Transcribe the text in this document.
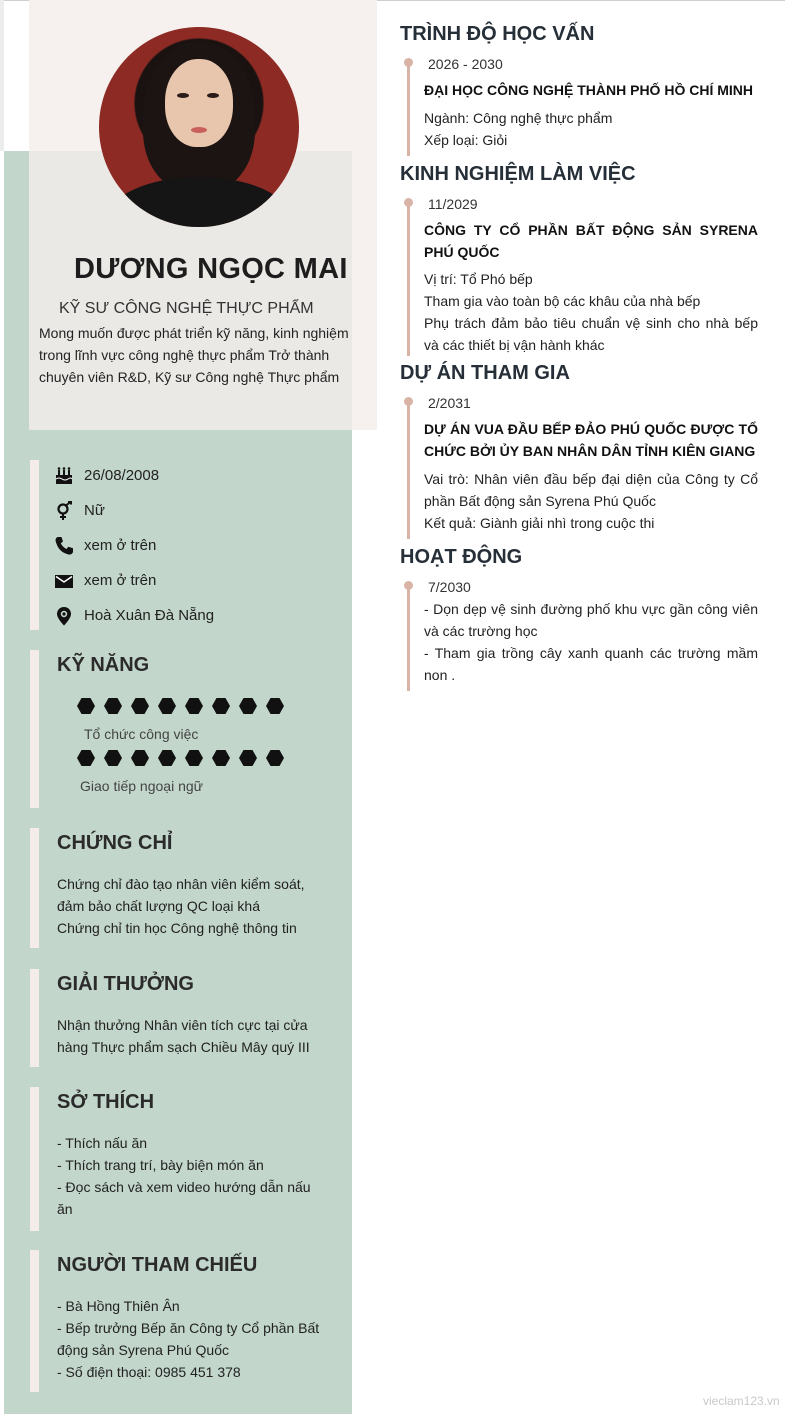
DƯƠNG NGỌC MAI
KỸ SƯ CÔNG NGHỆ THỰC PHẨM
Mong muốn được phát triển kỹ năng, kinh nghiệm trong lĩnh vực công nghệ thực phẩm Trở thành chuyên viên R&D, Kỹ sư Công nghệ Thực phẩm
26/08/2008
Nữ
xem ở trên
xem ở trên
Hoà Xuân Đà Nẵng
KỸ NĂNG
Tổ chức công việc
Giao tiếp ngoại ngữ
CHỨNG CHỈ
Chứng chỉ đào tạo nhân viên kiểm soát, đảm bảo chất lượng QC loại khá
Chứng chỉ tin học Công nghệ thông tin
GIẢI THƯỞNG
Nhận thưởng Nhân viên tích cực tại cửa hàng Thực phẩm sạch Chiều Mây quý III
SỞ THÍCH
- Thích nấu ăn
- Thích trang trí, bày biện món ăn
- Đọc sách và xem video hướng dẫn nấu ăn
NGƯỜI THAM CHIẾU
- Bà Hồng Thiên Ân
- Bếp trưởng Bếp ăn Công ty Cổ phần Bất động sản Syrena Phú Quốc
- Số điện thoại: 0985 451 378
TRÌNH ĐỘ HỌC VẤN
2026 - 2030
ĐẠI HỌC CÔNG NGHỆ THÀNH PHỐ HỒ CHÍ MINH
Ngành: Công nghệ thực phẩm
Xếp loại: Giỏi
KINH NGHIỆM LÀM VIỆC
11/2029
CÔNG TY CỔ PHẦN BẤT ĐỘNG SẢN SYRENA PHÚ QUỐC
Vị trí: Tổ Phó bếp
Tham gia vào toàn bộ các khâu của nhà bếp
Phụ trách đảm bảo tiêu chuẩn vệ sinh cho nhà bếp và các thiết bị vận hành khác
DỰ ÁN THAM GIA
2/2031
DỰ ÁN VUA ĐẦU BẾP ĐẢO PHÚ QUỐC ĐƯỢC TỔ CHỨC BỞI ỦY BAN NHÂN DÂN TỈNH KIÊN GIANG
Vai trò: Nhân viên đầu bếp đại diện của Công ty Cổ phần Bất động sản Syrena Phú Quốc
Kết quả: Giành giải nhì trong cuộc thi
HOẠT ĐỘNG
7/2030
- Dọn dẹp vệ sinh đường phố khu vực gần công viên và các trường học
- Tham gia trồng cây xanh quanh các trường mầm non .
vieclam123.vn
